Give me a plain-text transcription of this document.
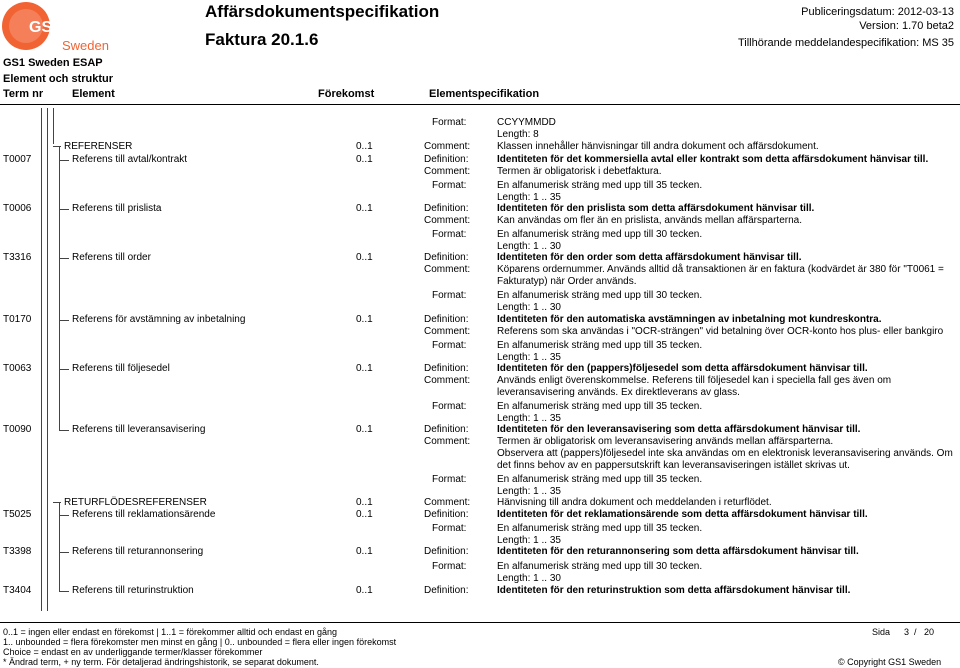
GS1
Sweden
Affärsdokumentspecifikation
Faktura 20.1.6
Publiceringsdatum: 2012-03-13
Version: 1.70 beta2
Tillhörande meddelandespecifikation: MS 35
GS1 Sweden ESAP
Element och struktur
Term nr	Element	Förekomst	Elementspecifikation
Format:	CCYYMMDD
Length: 8
REFERENSER	0..1	Comment:	Klassen innehåller hänvisningar till andra dokument och affärsdokument.
T0007	Referens till avtal/kontrakt	0..1	Definition:	Identiteten för det kommersiella avtal eller kontrakt som detta affärsdokument hänvisar till.
Comment:	Termen är obligatorisk i debetfaktura.
Format:	En alfanumerisk sträng med upp till 35 tecken.
Length: 1 .. 35
T0006	Referens till prislista	0..1	Definition:	Identiteten för den prislista som detta affärsdokument hänvisar till.
Comment:	Kan användas om fler än en prislista, används mellan affärsparterna.
Format:	En alfanumerisk sträng med upp till 30 tecken.
Length: 1 .. 30
T3316	Referens till order	0..1	Definition:	Identiteten för den order som detta affärsdokument hänvisar till.
Comment:	Köparens ordernummer. Används alltid då transaktionen är en faktura (kodvärdet är 380 för "T0061 =
Fakturatyp) när Order används.
Format:	En alfanumerisk sträng med upp till 30 tecken.
Length: 1 .. 30
T0170	Referens för avstämning av inbetalning	0..1	Definition:	Identiteten för den automatiska avstämningen av inbetalning mot kundreskontra.
Comment:	Referens som ska användas i "OCR-strängen" vid betalning över OCR-konto hos plus- eller bankgiro
Format:	En alfanumerisk sträng med upp till 35 tecken.
Length: 1 .. 35
T0063	Referens till följesedel	0..1	Definition:	Identiteten för den (pappers)följesedel som detta affärsdokument hänvisar till.
Comment:	Används enligt överenskommelse. Referens till följesedel kan i speciella fall ges även om
leveransavisering används. Ex direktleverans av glass.
Format:	En alfanumerisk sträng med upp till 35 tecken.
Length: 1 .. 35
T0090	Referens till leveransavisering	0..1	Definition:	Identiteten för den leveransavisering som detta affärsdokument hänvisar till.
Comment:	Termen är obligatorisk om leveransavisering används mellan affärsparterna.
Observera att (pappers)följesedel inte ska användas om en elektronisk leveransavisering används. Om
det finns behov av en pappersutskrift kan leveransaviseringen istället skrivas ut.
Format:	En alfanumerisk sträng med upp till 35 tecken.
Length: 1 .. 35
RETURFLÖDESREFERENSER	0..1	Comment:	Hänvisning till andra dokument och meddelanden i returflödet.
T5025	Referens till reklamationsärende	0..1	Definition:	Identiteten för det reklamationsärende som detta affärsdokument hänvisar till.
Format:	En alfanumerisk sträng med upp till 35 tecken.
Length: 1 .. 35
T3398	Referens till returannonsering	0..1	Definition:	Identiteten för den returannonsering som detta affärsdokument hänvisar till.
Format:	En alfanumerisk sträng med upp till 30 tecken.
Length: 1 .. 30
T3404	Referens till returinstruktion	0..1	Definition:	Identiteten för den returinstruktion som detta affärsdokument hänvisar till.
0..1 = ingen eller endast en förekomst | 1..1 = förekommer alltid och endast en gång
1.. unbounded = flera förekomster men minst en gång | 0.. unbounded = flera eller ingen förekomst
Choice = endast en av underliggande termer/klasser förekommer
* Ändrad term, + ny term. För detaljerad ändringshistorik, se separat dokument.
Sida 3 / 20
© Copyright GS1 Sweden
